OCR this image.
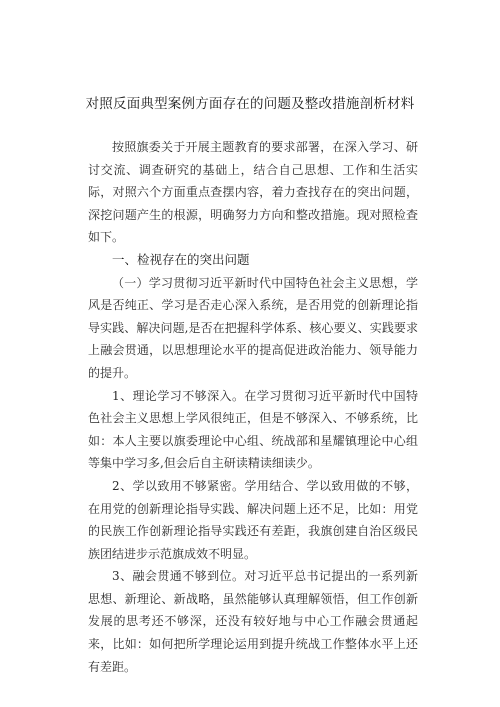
对照反面典型案例方面存在的问题及整改措施剖析材料

按照旗委关于开展主题教育的要求部署，在深入学习、研讨交流、调查研究的基础上，结合自己思想、工作和生活实际，对照六个方面重点查摆内容，着力查找存在的突出问题，深挖问题产生的根源，明确努力方向和整改措施。现对照检查如下。

一、检视存在的突出问题

（一）学习贯彻习近平新时代中国特色社会主义思想，学风是否纯正、学习是否走心深入系统，是否用党的创新理论指导实践、解决问题,是否在把握科学体系、核心要义、实践要求上融会贯通，以思想理论水平的提高促进政治能力、领导能力的提升。

1、理论学习不够深入。在学习贯彻习近平新时代中国特色社会主义思想上学风很纯正，但是不够深入、不够系统，比如：本人主要以旗委理论中心组、统战部和星耀镇理论中心组等集中学习多,但会后自主研读精读细读少。

2、学以致用不够紧密。学用结合、学以致用做的不够，在用党的创新理论指导实践、解决问题上还不足，比如：用党的民族工作创新理论指导实践还有差距，我旗创建自治区级民族团结进步示范旗成效不明显。

3、融会贯通不够到位。对习近平总书记提出的一系列新思想、新理论、新战略，虽然能够认真理解领悟，但工作创新发展的思考还不够深，还没有较好地与中心工作融会贯通起来，比如：如何把所学理论运用到提升统战工作整体水平上还有差距。
